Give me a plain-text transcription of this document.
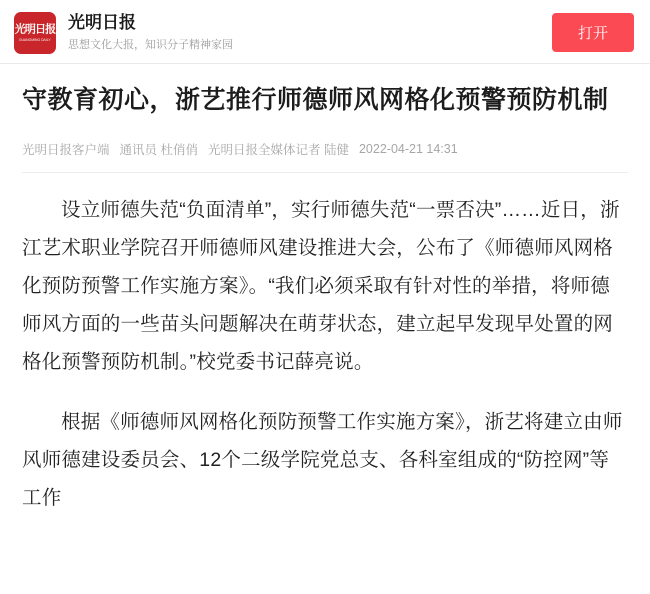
光明日报
GUANGMING DAILY
光明日报
思想文化大报，知识分子精神家园
打开
守教育初心，浙艺推行师德师风网格化预警预防机制
光明日报客户端 通讯员 杜俏俏 光明日报全媒体记者 陆健 2022-04-21 14:31

设立师德失范“负面清单”，实行师德失范“一票否决”……近日，浙江艺术职业学院召开师德师风建设推进大会，公布了《师德师风网格化预防预警工作实施方案》。“我们必须采取有针对性的举措，将师德师风方面的一些苗头问题解决在萌芽状态，建立起早发现早处置的网格化预警预防机制。”校党委书记薛亮说。

根据《师德师风网格化预防预警工作实施方案》，浙艺将建立由师风师德建设委员会、12个二级学院党总支、各科室组成的“防控网”等工作
